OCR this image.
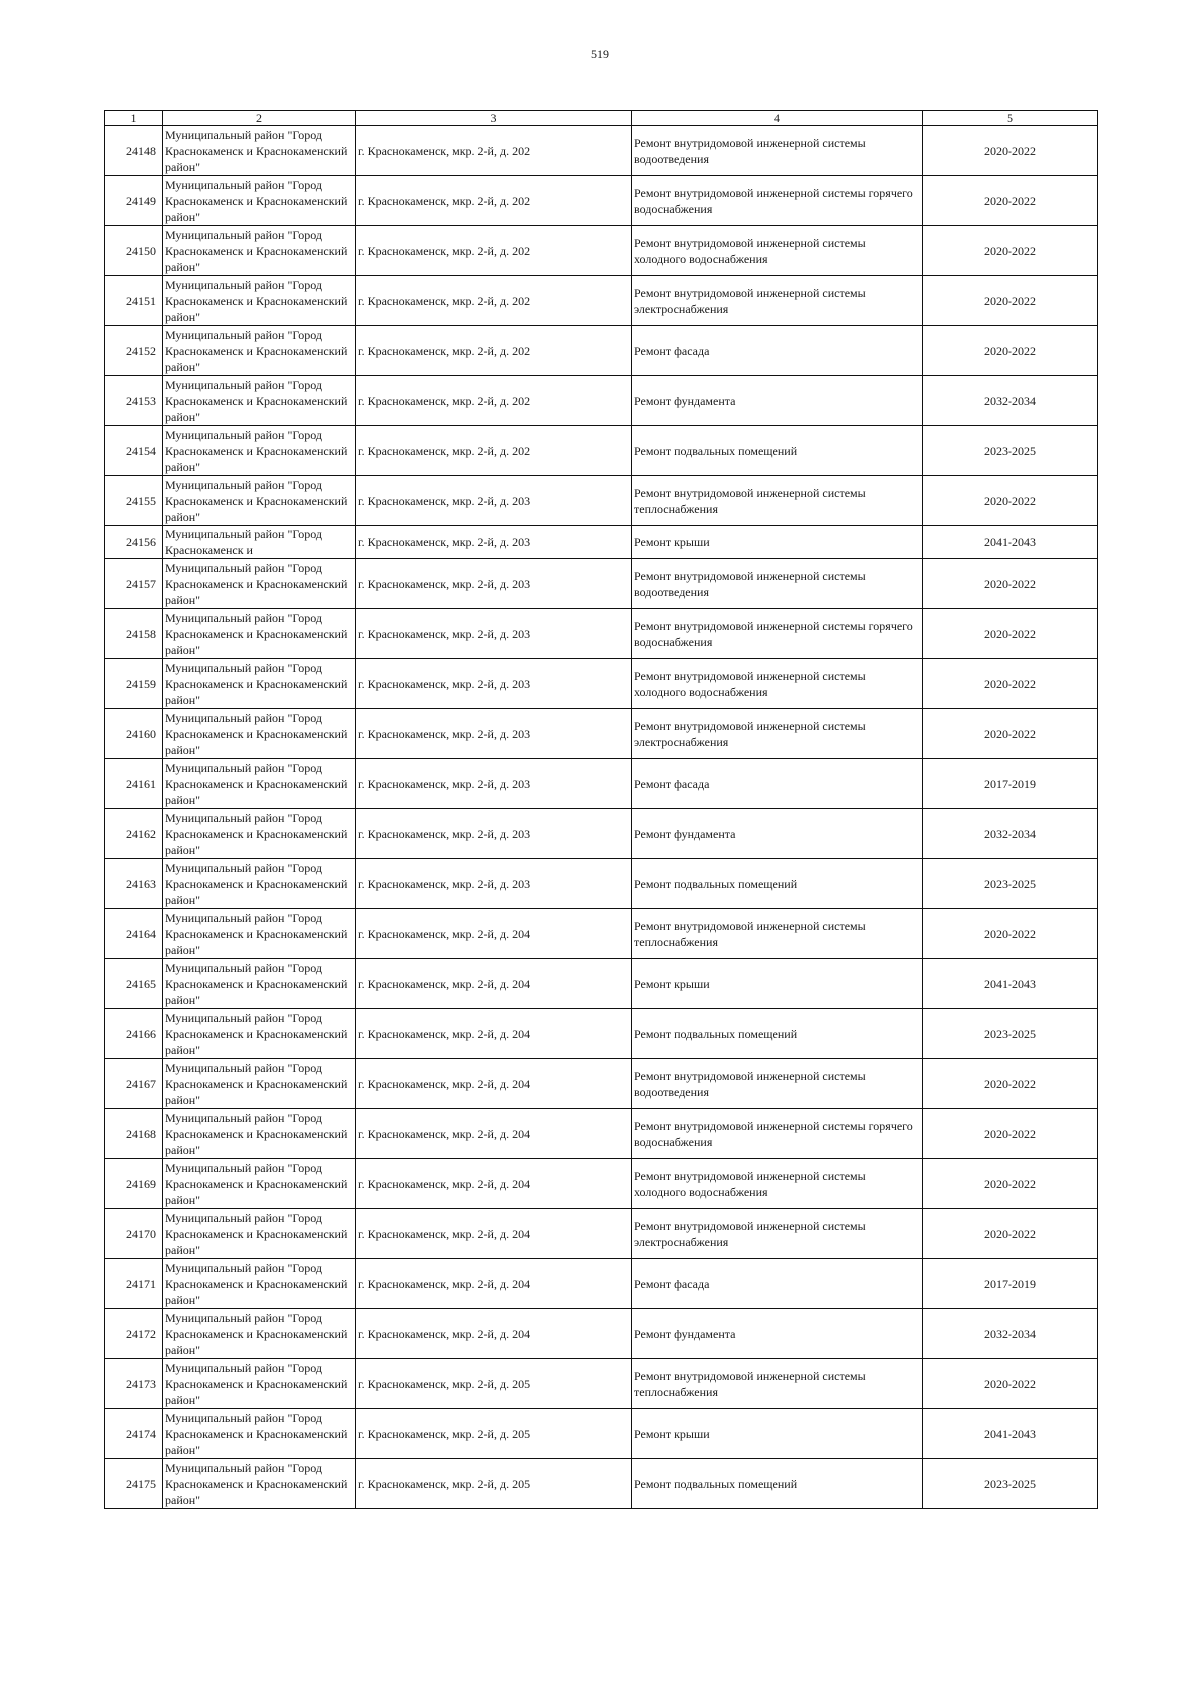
519
1	2	3	4	5
24148	Муниципальный район "Город Краснокаменск и Краснокаменский район"	г. Краснокаменск, мкр. 2-й, д. 202	Ремонт внутридомовой инженерной системы водоотведения	2020-2022
24149	Муниципальный район "Город Краснокаменск и Краснокаменский район"	г. Краснокаменск, мкр. 2-й, д. 202	Ремонт внутридомовой инженерной системы горячего водоснабжения	2020-2022
24150	Муниципальный район "Город Краснокаменск и Краснокаменский район"	г. Краснокаменск, мкр. 2-й, д. 202	Ремонт внутридомовой инженерной системы холодного водоснабжения	2020-2022
24151	Муниципальный район "Город Краснокаменск и Краснокаменский район"	г. Краснокаменск, мкр. 2-й, д. 202	Ремонт внутридомовой инженерной системы электроснабжения	2020-2022
24152	Муниципальный район "Город Краснокаменск и Краснокаменский район"	г. Краснокаменск, мкр. 2-й, д. 202	Ремонт фасада	2020-2022
24153	Муниципальный район "Город Краснокаменск и Краснокаменский район"	г. Краснокаменск, мкр. 2-й, д. 202	Ремонт фундамента	2032-2034
24154	Муниципальный район "Город Краснокаменск и Краснокаменский район"	г. Краснокаменск, мкр. 2-й, д. 202	Ремонт подвальных помещений	2023-2025
24155	Муниципальный район "Город Краснокаменск и Краснокаменский район"	г. Краснокаменск, мкр. 2-й, д. 203	Ремонт внутридомовой инженерной системы теплоснабжения	2020-2022
24156	Муниципальный район "Город Краснокаменск и	г. Краснокаменск, мкр. 2-й, д. 203	Ремонт крыши	2041-2043
24157	Муниципальный район "Город Краснокаменск и Краснокаменский район"	г. Краснокаменск, мкр. 2-й, д. 203	Ремонт внутридомовой инженерной системы водоотведения	2020-2022
24158	Муниципальный район "Город Краснокаменск и Краснокаменский район"	г. Краснокаменск, мкр. 2-й, д. 203	Ремонт внутридомовой инженерной системы горячего водоснабжения	2020-2022
24159	Муниципальный район "Город Краснокаменск и Краснокаменский район"	г. Краснокаменск, мкр. 2-й, д. 203	Ремонт внутридомовой инженерной системы холодного водоснабжения	2020-2022
24160	Муниципальный район "Город Краснокаменск и Краснокаменский район"	г. Краснокаменск, мкр. 2-й, д. 203	Ремонт внутридомовой инженерной системы электроснабжения	2020-2022
24161	Муниципальный район "Город Краснокаменск и Краснокаменский район"	г. Краснокаменск, мкр. 2-й, д. 203	Ремонт фасада	2017-2019
24162	Муниципальный район "Город Краснокаменск и Краснокаменский район"	г. Краснокаменск, мкр. 2-й, д. 203	Ремонт фундамента	2032-2034
24163	Муниципальный район "Город Краснокаменск и Краснокаменский район"	г. Краснокаменск, мкр. 2-й, д. 203	Ремонт подвальных помещений	2023-2025
24164	Муниципальный район "Город Краснокаменск и Краснокаменский район"	г. Краснокаменск, мкр. 2-й, д. 204	Ремонт внутридомовой инженерной системы теплоснабжения	2020-2022
24165	Муниципальный район "Город Краснокаменск и Краснокаменский район"	г. Краснокаменск, мкр. 2-й, д. 204	Ремонт крыши	2041-2043
24166	Муниципальный район "Город Краснокаменск и Краснокаменский район"	г. Краснокаменск, мкр. 2-й, д. 204	Ремонт подвальных помещений	2023-2025
24167	Муниципальный район "Город Краснокаменск и Краснокаменский район"	г. Краснокаменск, мкр. 2-й, д. 204	Ремонт внутридомовой инженерной системы водоотведения	2020-2022
24168	Муниципальный район "Город Краснокаменск и Краснокаменский район"	г. Краснокаменск, мкр. 2-й, д. 204	Ремонт внутридомовой инженерной системы горячего водоснабжения	2020-2022
24169	Муниципальный район "Город Краснокаменск и Краснокаменский район"	г. Краснокаменск, мкр. 2-й, д. 204	Ремонт внутридомовой инженерной системы холодного водоснабжения	2020-2022
24170	Муниципальный район "Город Краснокаменск и Краснокаменский район"	г. Краснокаменск, мкр. 2-й, д. 204	Ремонт внутридомовой инженерной системы электроснабжения	2020-2022
24171	Муниципальный район "Город Краснокаменск и Краснокаменский район"	г. Краснокаменск, мкр. 2-й, д. 204	Ремонт фасада	2017-2019
24172	Муниципальный район "Город Краснокаменск и Краснокаменский район"	г. Краснокаменск, мкр. 2-й, д. 204	Ремонт фундамента	2032-2034
24173	Муниципальный район "Город Краснокаменск и Краснокаменский район"	г. Краснокаменск, мкр. 2-й, д. 205	Ремонт внутридомовой инженерной системы теплоснабжения	2020-2022
24174	Муниципальный район "Город Краснокаменск и Краснокаменский район"	г. Краснокаменск, мкр. 2-й, д. 205	Ремонт крыши	2041-2043
24175	Муниципальный район "Город Краснокаменск и Краснокаменский район"	г. Краснокаменск, мкр. 2-й, д. 205	Ремонт подвальных помещений	2023-2025
